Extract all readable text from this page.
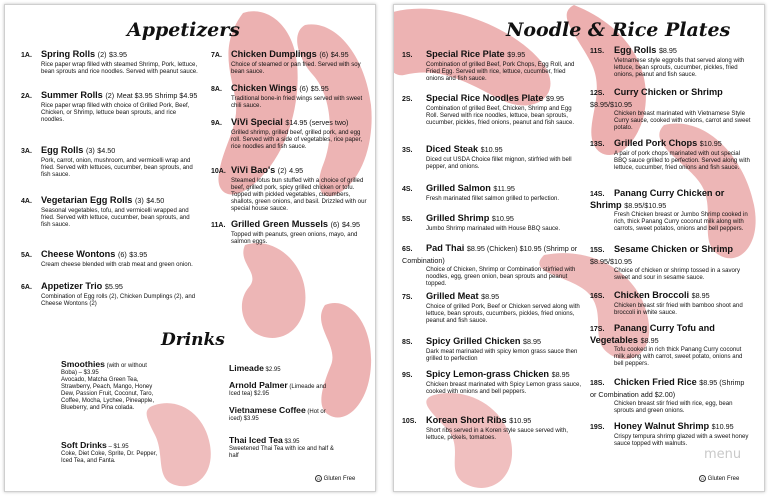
Appetizers
1A. Spring Rolls (2) $3.95
Rice paper wrap filled with steamed Shrimp, Pork, lettuce, bean sprouts and rice noodles. Served with peanut sauce.
2A. Summer Rolls (2) Meat $3.95 Shrimp $4.95
Rice paper wrap filled with choice of Grilled Pork, Beef, Chicken, or Shrimp, lettuce bean sprouts, and rice noodles.
3A. Egg Rolls (3) $4.50
Pork, carrot, onion, mushroom, and vermicelli wrap and fried. Served with lettuces, cucumber, bean sprouts, and fish sauce.
4A. Vegetarian Egg Rolls (3) $4.50
Seasonal vegetables, tofu, and vermicelli wrapped and fried. Served with lettuce, cucumber, bean sprouts, and fish sauce.
5A. Cheese Wontons (6) $3.95
Cream cheese blended with crab meat and green onion.
6A. Appetizer Trio $5.95
Combination of Egg rolls (2), Chicken Dumplings (2), and Cheese Wontons (2)
7A. Chicken Dumplings (6) $4.95
Choice of steamed or pan fried. Served with soy bean sauce.
8A. Chicken Wings (6) $5.95
Traditional bone-in fried wings served with sweet chili sauce.
9A. ViVi Special $14.95 (serves two)
Grilled shrimp, grilled beef, grilled pork, and egg roll. Served with a side of vegetables, rice paper, rice noodles and fish sauce.
10A. ViVi Bao's (2) 4.95
Steamed lotus bun stuffed with a choice of grilled beef, grilled pork, spicy grilled chicken or tofu. Topped with pickled vegetables, cucumbers, shallots, green onions, and basil. Drizzled with our special house sauce.
11A. Grilled Green Mussels (6) $4.95
Topped with peanuts, green onions, mayo, and salmon eggs.
Drinks
Smoothies (with or without Boba) – $3.95
Avocado, Matcha Green Tea, Strawberry, Peach, Mango, Honey Dew, Passion Fruit, Coconut, Taro, Coffee, Mocha, Lychee, Pineapple, Blueberry, and Pina colada.
Soft Drinks – $1.95
Coke, Diet Coke, Sprite, Dr. Pepper, Iced Tea, and Fanta.
Limeade $2.95
Arnold Palmer (Limeade and Iced tea) $2.95
Vietnamese Coffee (Hot or iced) $3.95
Thai Iced Tea $3.95
Sweetened Thai Tea with ice and half & half
G Gluten Free
Noodle & Rice Plates
1S. Special Rice Plate $9.95
Combination of grilled Beef, Pork Chops, Egg Roll, and Fried Egg. Served with rice, lettuce, cucumber, fried onions and fish sauce.
2S. Special Rice Noodles Plate $9.95
Combination of grilled Beef, Chicken, Shrimp and Egg Roll. Served with rice noodles, lettuce, bean sprouts, cucumber, pickles, fried onions, peanut and fish sauce.
3S. Diced Steak $10.95
Diced cut USDA Choice fillet mignon, stirfried with bell pepper, and onions.
4S. Grilled Salmon $11.95
Fresh marinated fillet salmon grilled to perfection.
5S. Grilled Shrimp $10.95
Jumbo Shrimp marinated with House BBQ sauce.
6S. Pad Thai $8.95 (Chicken) $10.95 (Shrimp or Combination)
Choice of Chicken, Shrimp or Combination stirfried with noodles, egg, green onion, bean sprouts and peanut topped.
7S. Grilled Meat $8.95
Choice of grilled Pork, Beef or Chicken served along with lettuce, bean sprouts, cucumbers, pickles, fried onions, peanut and fish sauce.
8S. Spicy Grilled Chicken $8.95
Dark meat marinated with spicy lemon grass sauce then grilled to perfection
9S. Spicy Lemon-grass Chicken $8.95
Chicken breast marinated with Spicy Lemon grass sauce, cooked with onions and bell peppers.
10S. Korean Short Ribs $10.95
Short ribs served in a Koren style sauce served with, lettuce, pickels, tomatoes.
11S. Egg Rolls $8.95
Vietnamese style eggrolls that served along with lettuce, bean sprouts, cucumber, pickles, fried onions, peanut and fish sauce.
12S. Curry Chicken or Shrimp $8.95/$10.95
Chicken breast marinated with Vietnamese Style Curry sauce, cooked with onions, carrot and sweet potato.
13S. Grilled Pork Chops $10.95
A pair of pork chops marinated with out special BBQ sauce grilled to perfection. Served along with lettuce, cucumber, fried onions and fish sauce.
14S. Panang Curry Chicken or Shrimp $8.95/$10.95
Fresh Chicken breast or Jumbo Shrimp cooked in rich, thick Panang Curry coconut milk along with carrots, sweet potatos, onions and bell peppers.
15S. Sesame Chicken or Shrimp $8.95/$10.95
Choice of chicken or shrimp tossed in a savory sweet and sour in sesame sauce.
16S. Chicken Broccoli $8.95
Chicken breast stir fried with bamboo shoot and broccoli in white sauce.
17S. Panang Curry Tofu and Vegetables $8.95
Tofu cooked in rich thick Panang Curry coconut milk along with carrot, sweet potato, onions and bell peppers.
18S. Chicken Fried Rice $8.95 (Shrimp or Combination add $2.00)
Chicken breast stir fried with rice, egg, bean sprouts and green onions.
19S. Honey Walnut Shrimp $10.95
Crispy tempura shrimp glazed with a sweet honey sauce topped with walnuts.
menu
G Gluten Free
